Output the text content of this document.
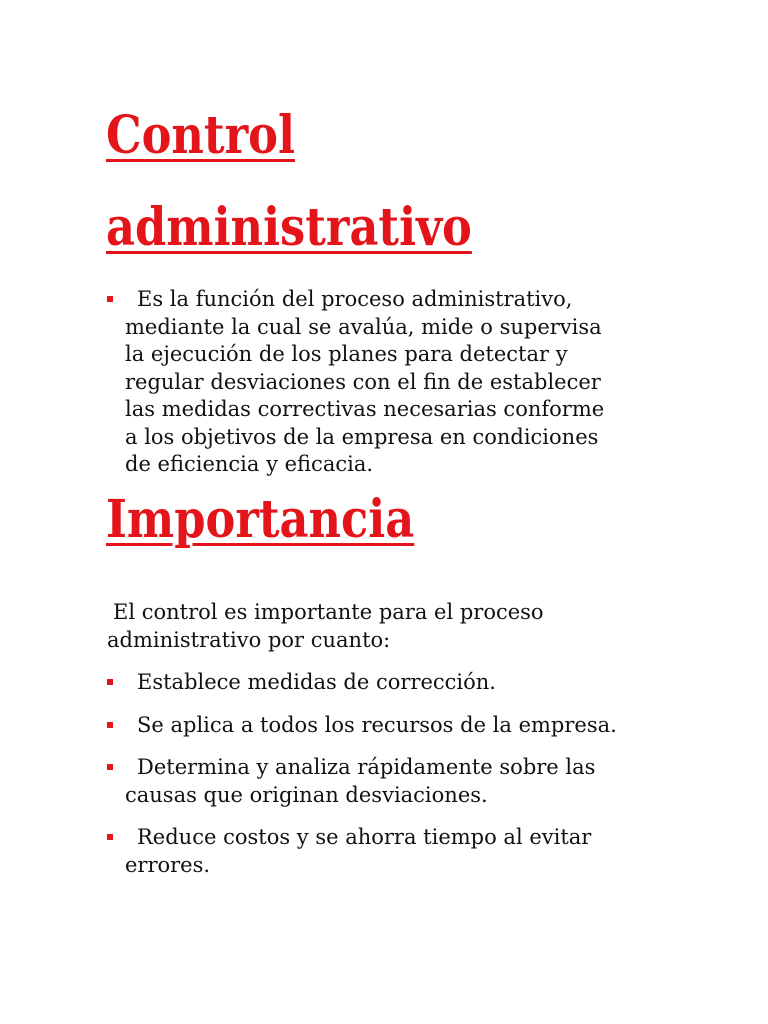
Control
administrativo
Es la función del proceso administrativo,
mediante la cual se avalúa, mide o supervisa
la ejecución de los planes para detectar y
regular desviaciones con el fin de establecer
las medidas correctivas necesarias conforme
a los objetivos de la empresa en condiciones
de eficiencia y eficacia.
Importancia

El control es importante para el proceso
administrativo por cuanto:

Establece medidas de corrección.
Se aplica a todos los recursos de la empresa.
Determina y analiza rápidamente sobre las
causas que originan desviaciones.
Reduce costos y se ahorra tiempo al evitar
errores.
